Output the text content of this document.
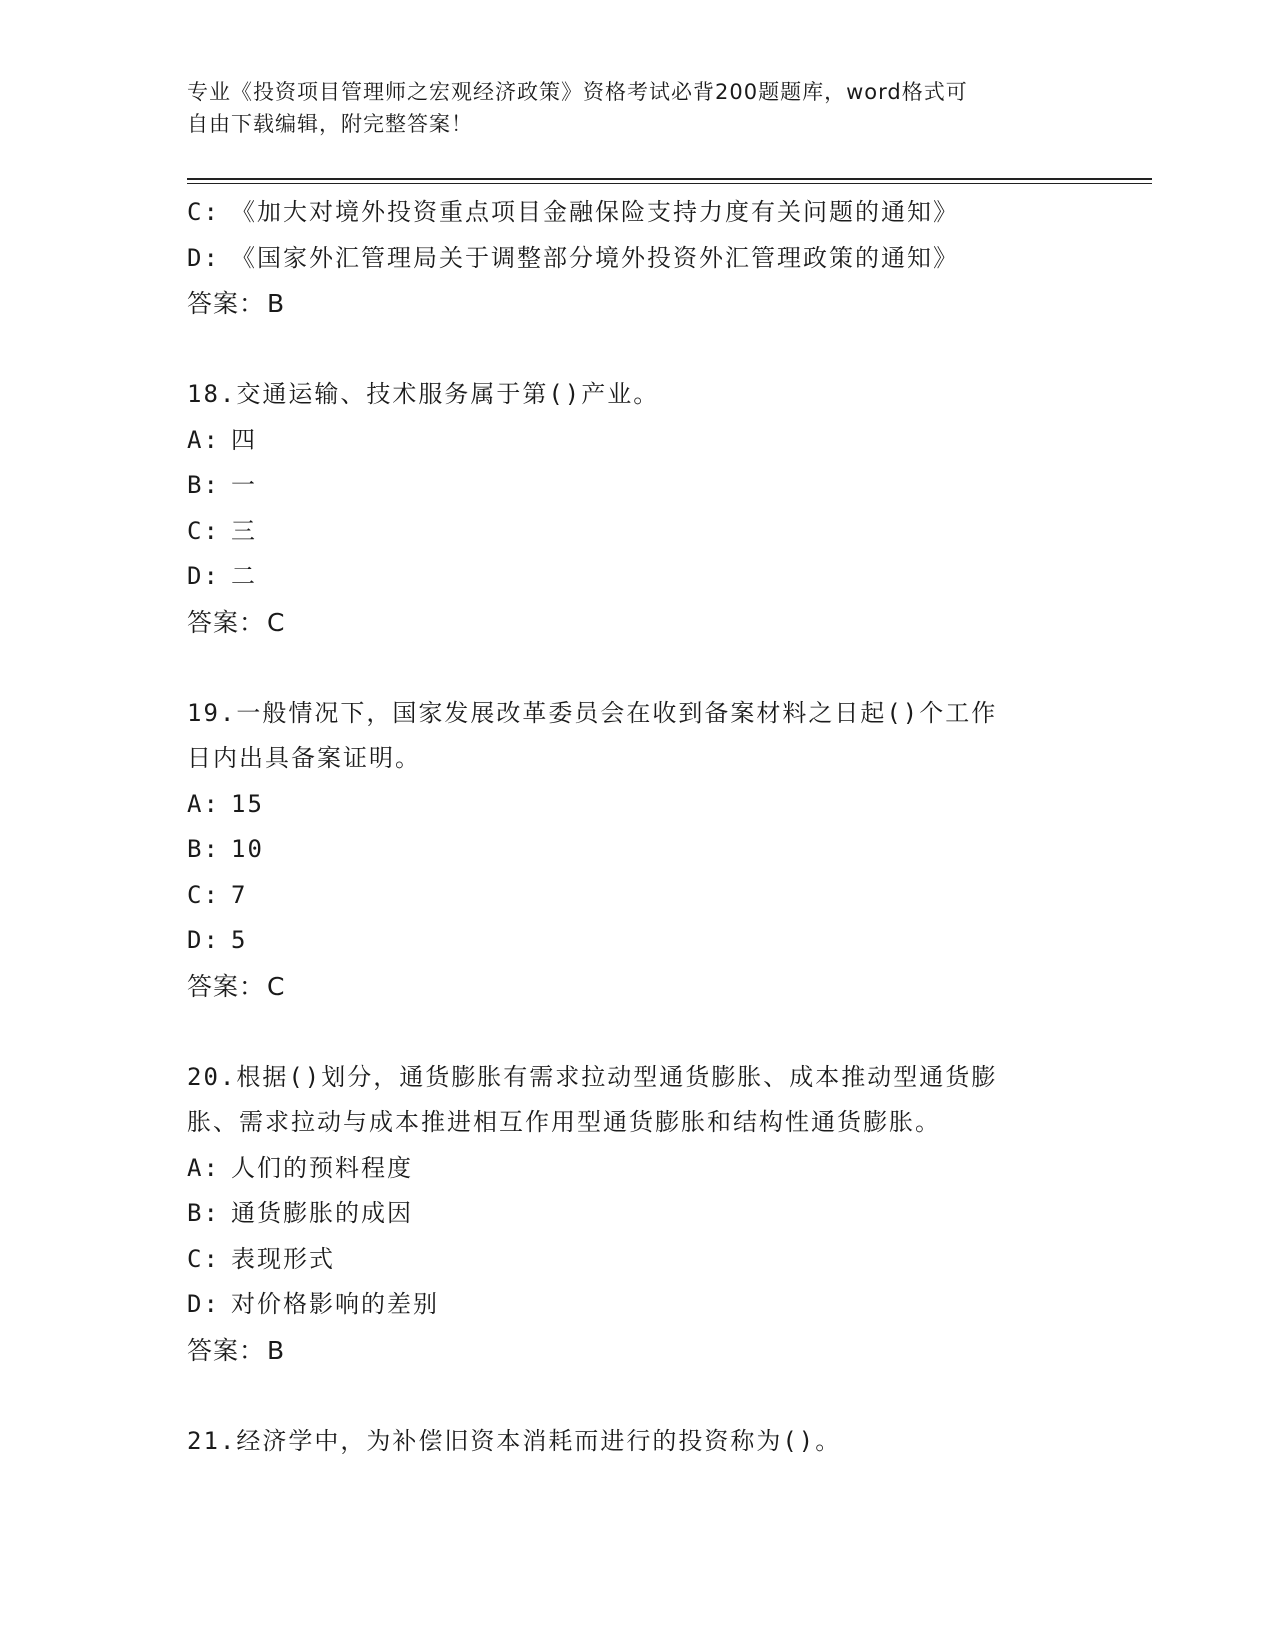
专业《投资项目管理师之宏观经济政策》资格考试必背200题题库，word格式可
自由下载编辑，附完整答案！
C: 《加大对境外投资重点项目金融保险支持力度有关问题的通知》
D: 《国家外汇管理局关于调整部分境外投资外汇管理政策的通知》
答案：B
18.交通运输、技术服务属于第()产业。
A: 四
B: 一
C: 三
D: 二
答案：C
19.一般情况下，国家发展改革委员会在收到备案材料之日起()个工作
日内出具备案证明。
A: 15
B: 10
C: 7
D: 5
答案：C
20.根据()划分，通货膨胀有需求拉动型通货膨胀、成本推动型通货膨
胀、需求拉动与成本推进相互作用型通货膨胀和结构性通货膨胀。
A: 人们的预料程度
B: 通货膨胀的成因
C: 表现形式
D: 对价格影响的差别
答案：B
21.经济学中，为补偿旧资本消耗而进行的投资称为()。
